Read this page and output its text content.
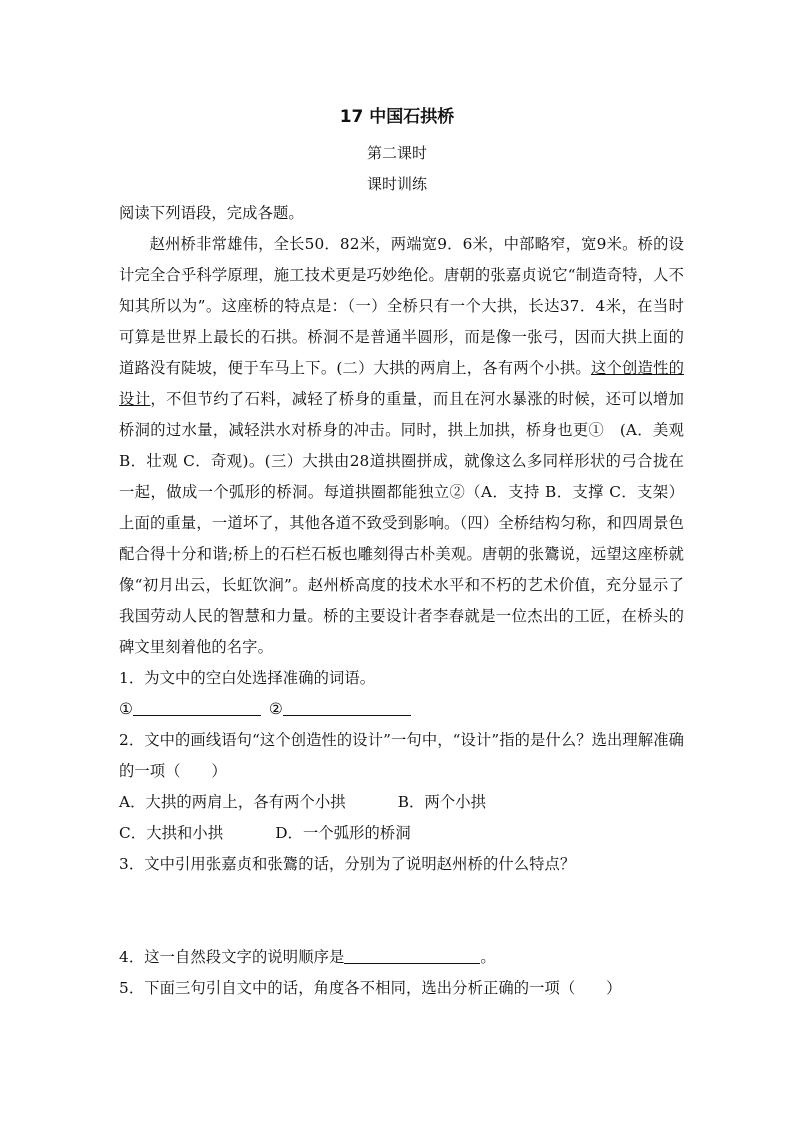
17 中国石拱桥
第二课时
课时训练

阅读下列语段，完成各题。

赵州桥非常雄伟，全长50．82米，两端宽9．6米，中部略窄，宽9米。桥的设计完全合乎科学原理，施工技术更是巧妙绝伦。唐朝的张嘉贞说它“制造奇特，人不知其所以为”。这座桥的特点是：（一）全桥只有一个大拱，长达37．4米，在当时可算是世界上最长的石拱。桥洞不是普通半圆形，而是像一张弓，因而大拱上面的道路没有陡坡，便于车马上下。(二）大拱的两肩上，各有两个小拱。这个创造性的设计，不但节约了石料，减轻了桥身的重量，而且在河水暴涨的时候，还可以增加桥洞的过水量，减轻洪水对桥身的冲击。同时，拱上加拱，桥身也更①　(A．美观 B．壮观 C．奇观)。(三）大拱由28道拱圈拼成，就像这么多同样形状的弓合拢在一起，做成一个弧形的桥洞。每道拱圈都能独立②（A．支持 B．支撑 C．支架）上面的重量，一道坏了，其他各道不致受到影响。（四）全桥结构匀称，和四周景色配合得十分和谐;桥上的石栏石板也雕刻得古朴美观。唐朝的张鷟说，远望这座桥就像“初月出云，长虹饮涧”。赵州桥高度的技术水平和不朽的艺术价值，充分显示了我国劳动人民的智慧和力量。桥的主要设计者李春就是一位杰出的工匠，在桥头的碑文里刻着他的名字。

1．为文中的空白处选择准确的词语。

①	②

2．文中的画线语句“这个创造性的设计”一句中，“设计”指的是什么？选出理解准确的一项（　　）

A．大拱的两肩上，各有两个小拱	B．两个小拱

C．大拱和小拱	D．一个弧形的桥洞

3．文中引用张嘉贞和张鷟的话，分别为了说明赵州桥的什么特点？

4．这一自然段文字的说明顺序是	。

5．下面三句引自文中的话，角度各不相同，选出分析正确的一项（　　）
